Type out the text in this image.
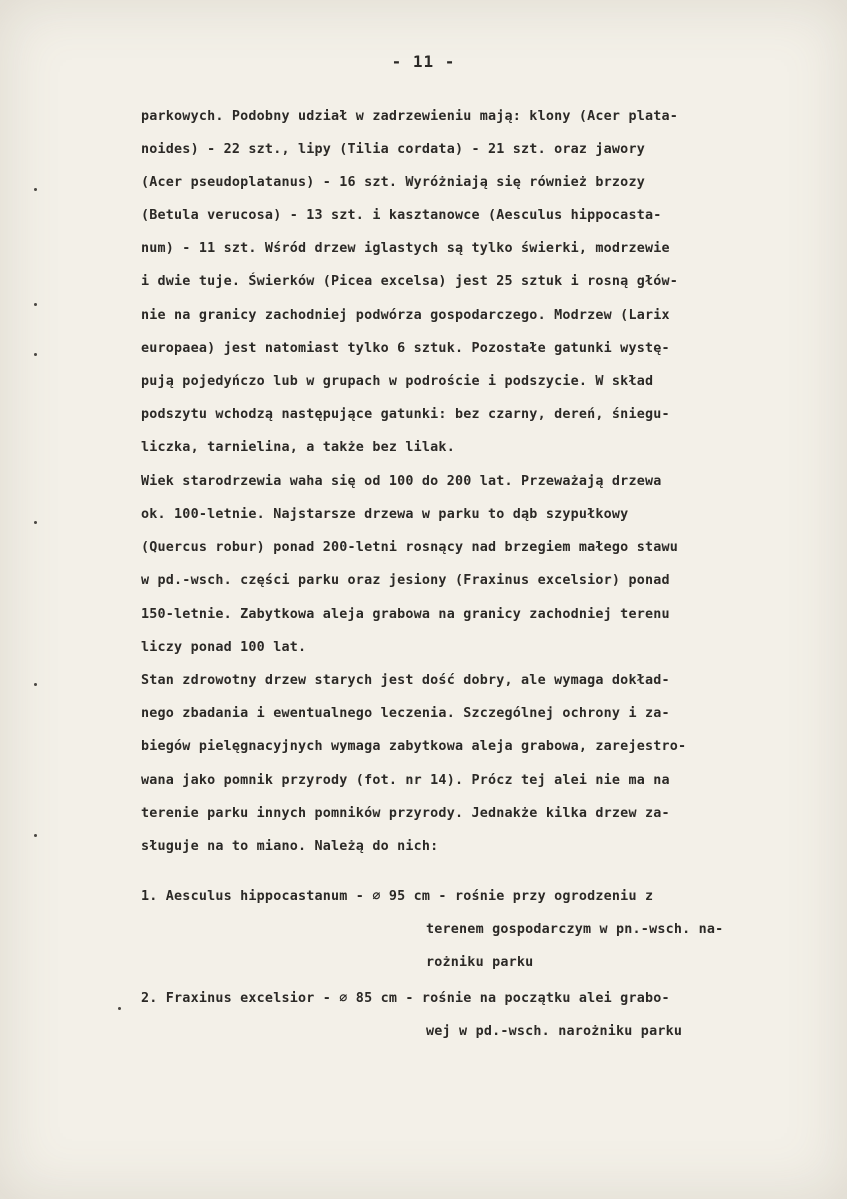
- 11 -
parkowych. Podobny udział w zadrzewieniu mają: klony (Acer plata-
noides) - 22 szt., lipy (Tilia cordata) - 21 szt. oraz jawory
(Acer pseudoplatanus) - 16 szt. Wyróżniają się również brzozy
(Betula verucosa) - 13 szt. i kasztanowce (Aesculus hippocasta-
num) - 11 szt. Wśród drzew iglastych są tylko świerki, modrzewie
i dwie tuje. Świerków (Picea excelsa) jest 25 sztuk i rosną głów-
nie na granicy zachodniej podwórza gospodarczego. Modrzew (Larix
europaea) jest natomiast tylko 6 sztuk. Pozostałe gatunki wystę-
pują pojedyńczo lub w grupach w podroście i podszycie. W skład
podszytu wchodzą następujące gatunki: bez czarny, dereń, śniegu-
liczka, tarnielina, a także bez lilak.
Wiek starodrzewia waha się od 100 do 200 lat. Przeważają drzewa
ok. 100-letnie. Najstarsze drzewa w parku to dąb szypułkowy
(Quercus robur) ponad 200-letni rosnący nad brzegiem małego stawu
w pd.-wsch. części parku oraz jesiony (Fraxinus excelsior) ponad
150-letnie. Zabytkowa aleja grabowa na granicy zachodniej terenu
liczy ponad 100 lat.
Stan zdrowotny drzew starych jest dość dobry, ale wymaga dokład-
nego zbadania i ewentualnego leczenia. Szczególnej ochrony i za-
biegów pielęgnacyjnych wymaga zabytkowa aleja grabowa, zarejestro-
wana jako pomnik przyrody (fot. nr 14). Prócz tej alei nie ma na
terenie parku innych pomników przyrody. Jednakże kilka drzew za-
sługuje na to miano. Należą do nich:
1. Aesculus hippocastanum - ∅ 95 cm - rośnie przy ogrodzeniu z
terenem gospodarczym w pn.-wsch. na-
rożniku parku
2. Fraxinus excelsior - ∅ 85 cm - rośnie na początku alei grabo-
wej w pd.-wsch. narożniku parku
